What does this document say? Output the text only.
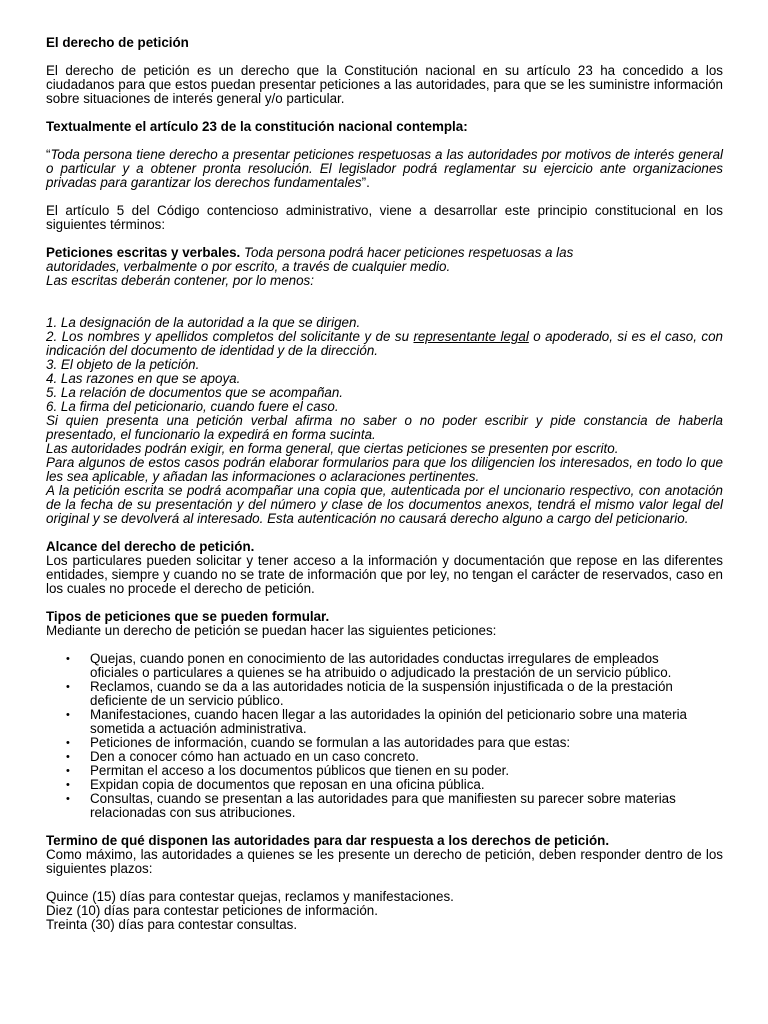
El derecho de petición

El derecho de petición es un derecho que la Constitución nacional en su artículo 23 ha concedido a los ciudadanos para que estos puedan presentar peticiones a las autoridades, para que se les suministre información sobre situaciones de interés general y/o particular.

Textualmente el artículo 23 de la constitución nacional contempla:

“Toda persona tiene derecho a presentar peticiones respetuosas a las autoridades por motivos de interés general o particular y a obtener pronta resolución. El legislador podrá reglamentar su ejercicio ante organizaciones privadas para garantizar los derechos fundamentales”.

El artículo 5 del Código contencioso administrativo, viene a desarrollar este principio constitucional en los siguientes términos:

Peticiones escritas y verbales. Toda persona podrá hacer peticiones respetuosas a las
autoridades, verbalmente o por escrito, a través de cualquier medio.
Las escritas deberán contener, por lo menos:

1. La designación de la autoridad a la que se dirigen.

2. Los nombres y apellidos completos del solicitante y de su representante legal o apoderado, si es el caso, con indicación del documento de identidad y de la dirección.

3. El objeto de la petición.

4. Las razones en que se apoya.

5. La relación de documentos que se acompañan.

6. La firma del peticionario, cuando fuere el caso.

Si quien presenta una petición verbal afirma no saber o no poder escribir y pide constancia de haberla presentado, el funcionario la expedirá en forma sucinta.

Las autoridades podrán exigir, en forma general, que ciertas peticiones se presenten por escrito.

Para algunos de estos casos podrán elaborar formularios para que los diligencien los interesados, en todo lo que les sea aplicable, y añadan las informaciones o aclaraciones pertinentes.

A la petición escrita se podrá acompañar una copia que, autenticada por el uncionario respectivo, con anotación de la fecha de su presentación y del número y clase de los documentos anexos, tendrá el mismo valor legal del original y se devolverá al interesado. Esta autenticación no causará derecho alguno a cargo del peticionario.

Alcance del derecho de petición.

Los particulares pueden solicitar y tener acceso a la información y documentación que repose en las diferentes entidades, siempre y cuando no se trate de información que por ley, no tengan el carácter de reservados, caso en los cuales no procede el derecho de petición.

Tipos de peticiones que se pueden formular.

Mediante un derecho de petición se puedan hacer las siguientes peticiones:

• Quejas, cuando ponen en conocimiento de las autoridades conductas irregulares de empleados oficiales o particulares a quienes se ha atribuido o adjudicado la prestación de un servicio público.
• Reclamos, cuando se da a las autoridades noticia de la suspensión injustificada o de la prestación deficiente de un servicio público.
• Manifestaciones, cuando hacen llegar a las autoridades la opinión del peticionario sobre una materia sometida a actuación administrativa.
• Peticiones de información, cuando se formulan a las autoridades para que estas:
• Den a conocer cómo han actuado en un caso concreto.
• Permitan el acceso a los documentos públicos que tienen en su poder.
• Expidan copia de documentos que reposan en una oficina pública.
• Consultas, cuando se presentan a las autoridades para que manifiesten su parecer sobre materias relacionadas con sus atribuciones.

Termino de qué disponen las autoridades para dar respuesta a los derechos de petición.

Como máximo, las autoridades a quienes se les presente un derecho de petición, deben responder dentro de los siguientes plazos:

Quince (15) días para contestar quejas, reclamos y manifestaciones.

Diez (10) días para contestar peticiones de información.

Treinta (30) días para contestar consultas.
